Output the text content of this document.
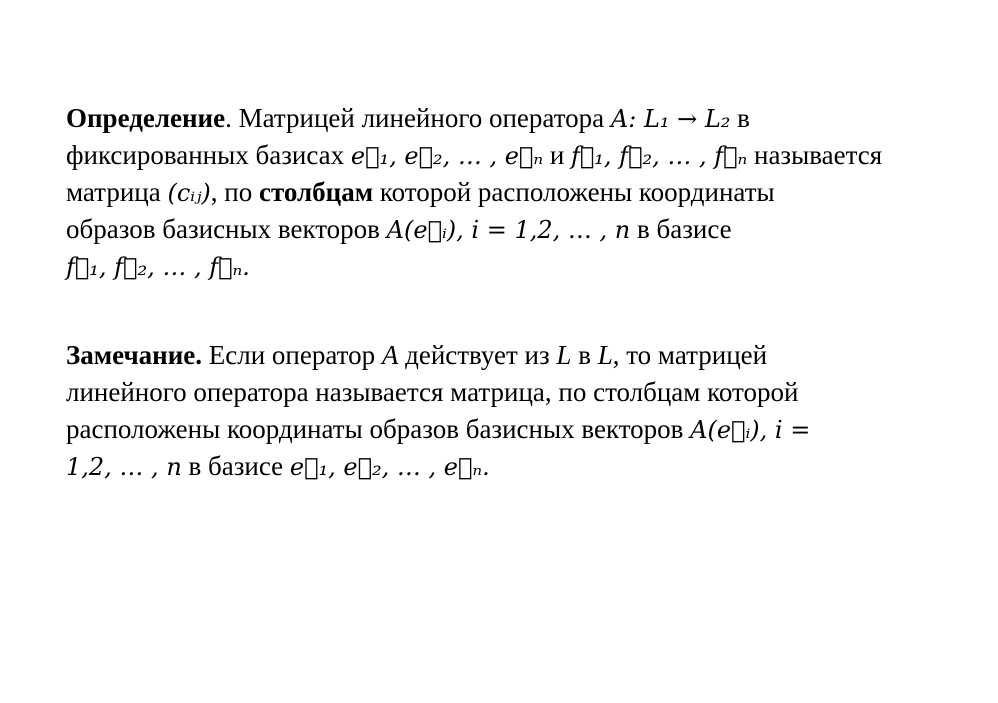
Определение. Матрицей линейного оператора A: L₁ → L₂ в
фиксированных базисах e⃗₁, e⃗₂, … , e⃗ₙ и f⃗₁, f⃗₂, … , f⃗ₙ называется
матрица (cᵢⱼ), по столбцам которой расположены координаты
образов базисных векторов A(e⃗ᵢ), i = 1,2, … , n в базисе
f⃗₁, f⃗₂, … , f⃗ₙ.
Замечание. Если оператор A действует из L в L, то матрицей
линейного оператора называется матрица, по столбцам которой
расположены координаты образов базисных векторов A(e⃗ᵢ), i =
1,2, … , n в базисе e⃗₁, e⃗₂, … , e⃗ₙ.
